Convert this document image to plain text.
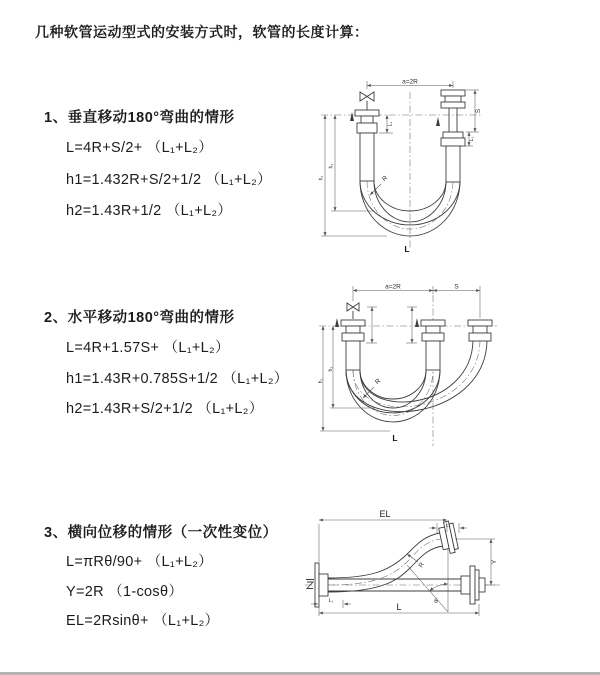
几种软管运动型式的安装方式时，软管的长度计算：
1、垂直移动180°弯曲的情形
L=4R+S/2+ （L₁+L₂）
h1=1.432R+S/2+1/2 （L₁+L₂）
h2=1.43R+1/2 （L₁+L₂）
a=2R
S
L₁
L₁
h₁
h₂
R
L
2、水平移动180°弯曲的情形
L=4R+1.57S+ （L₁+L₂）
h1=1.43R+0.785S+1/2 （L₁+L₂）
h2=1.43R+S/2+1/2 （L₁+L₂）
a=2R	S
h₁
h₂
R
L
3、横向位移的情形（一次性变位）
L=πRθ/90+ （L₁+L₂）
Y=2R （1-cosθ）
EL=2Rsinθ+ （L₁+L₂）
θ
EL
L₁
Y
L
L₁
R
